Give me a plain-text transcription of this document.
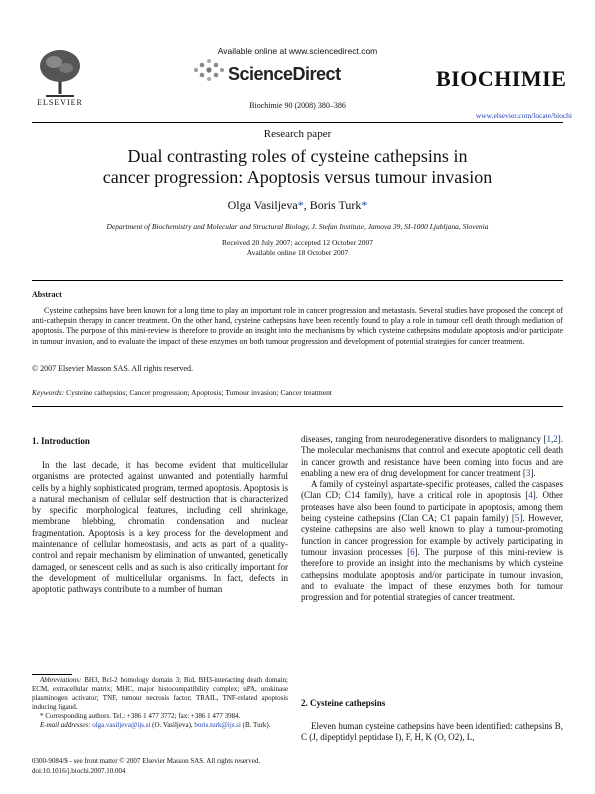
Available online at www.sciencedirect.com
ScienceDirect
ELSEVIER
BIOCHIMIE
Biochimie 90 (2008) 380–386
www.elsevier.com/locate/biochi
Research paper
Dual contrasting roles of cysteine cathepsins in
cancer progression: Apoptosis versus tumour invasion
Olga Vasiljeva*, Boris Turk*
Department of Biochemistry and Molecular and Structural Biology, J. Stefan Institute, Jamova 39, SI-1000 Ljubljana, Slovenia
Received 20 July 2007; accepted 12 October 2007
Available online 18 October 2007
Abstract

Cysteine cathepsins have been known for a long time to play an important role in cancer progression and metastasis. Several studies have proposed the concept of anti-cathepsin therapy in cancer treatment. On the other hand, cysteine cathepsins have been recently found to play a role in tumour cell death through mediation of apoptosis. The purpose of this mini-review is therefore to provide an insight into the mechanisms by which cysteine cathepsins modulate apoptosis and/or participate in tumour invasion, and to evaluate the impact of these enzymes on both tumour progression and development of potential strategies for cancer treatment.

© 2007 Elsevier Masson SAS. All rights reserved.
Keywords: Cysteine cathepsins; Cancer progression; Apoptosis; Tumour invasion; Cancer treatment
1. Introduction

In the last decade, it has become evident that multicellular organisms are protected against unwanted and potentially harmful cells by a highly sophisticated program, termed apoptosis. Apoptosis is a natural mechanism of cellular self destruction that is characterized by specific morphological features, including cell shrinkage, membrane blebbing, chromatin condensation and nuclear fragmentation. Apoptosis is a key process for the development and maintenance of cellular homeostasis, and acts as part of a quality-control and repair mechanism by elimination of unwanted, genetically damaged, or senescent cells and as such is also critically important for the development of multicellular organisms. In fact, defects in apoptotic pathways contribute to a number of human

Abbreviations: BH3, Bcl-2 homology domain 3; Bid, BH3-interacting death domain; ECM, extracellular matrix; MHC, major histocompatibility complex; uPA, urokinase plasminogen activator; TNF, tumour necrosis factor; TRAIL, TNF-related apoptosis inducing ligand.

* Corresponding authors. Tel.: +386 1 477 3772; fax: +386 1 477 3984.

E-mail addresses: olga.vasiljeva@ijs.si (O. Vasiljeva), boris.turk@ijs.si (B. Turk).

diseases, ranging from neurodegenerative disorders to malignancy [1,2]. The molecular mechanisms that control and execute apoptotic cell death in cancer growth and resistance have been coming into focus and are enabling a new era of drug development for cancer treatment [3].

A family of cysteinyl aspartate-specific proteases, called the caspases (Clan CD; C14 family), have a critical role in apoptosis [4]. Other proteases have also been found to participate in apoptosis, among them being cysteine cathepsins (Clan CA; C1 papain family) [5]. However, cysteine cathepsins are also well known to play a tumour-promoting function in cancer progression for example by actively participating in tumour invasion processes [6]. The purpose of this mini-review is therefore to provide an insight into the mechanisms by which cysteine cathepsins modulate apoptosis and/or participate in tumour invasion, and to evaluate the impact of these enzymes both for tumour progression and for potential strategies of cancer treatment.

2. Cysteine cathepsins

Eleven human cysteine cathepsins have been identified: cathepsins B, C (J, dipeptidyl peptidase I), F, H, K (O, O2), L,

0300-9084/$ - see front matter © 2007 Elsevier Masson SAS. All rights reserved.
doi:10.1016/j.biochi.2007.10.004
